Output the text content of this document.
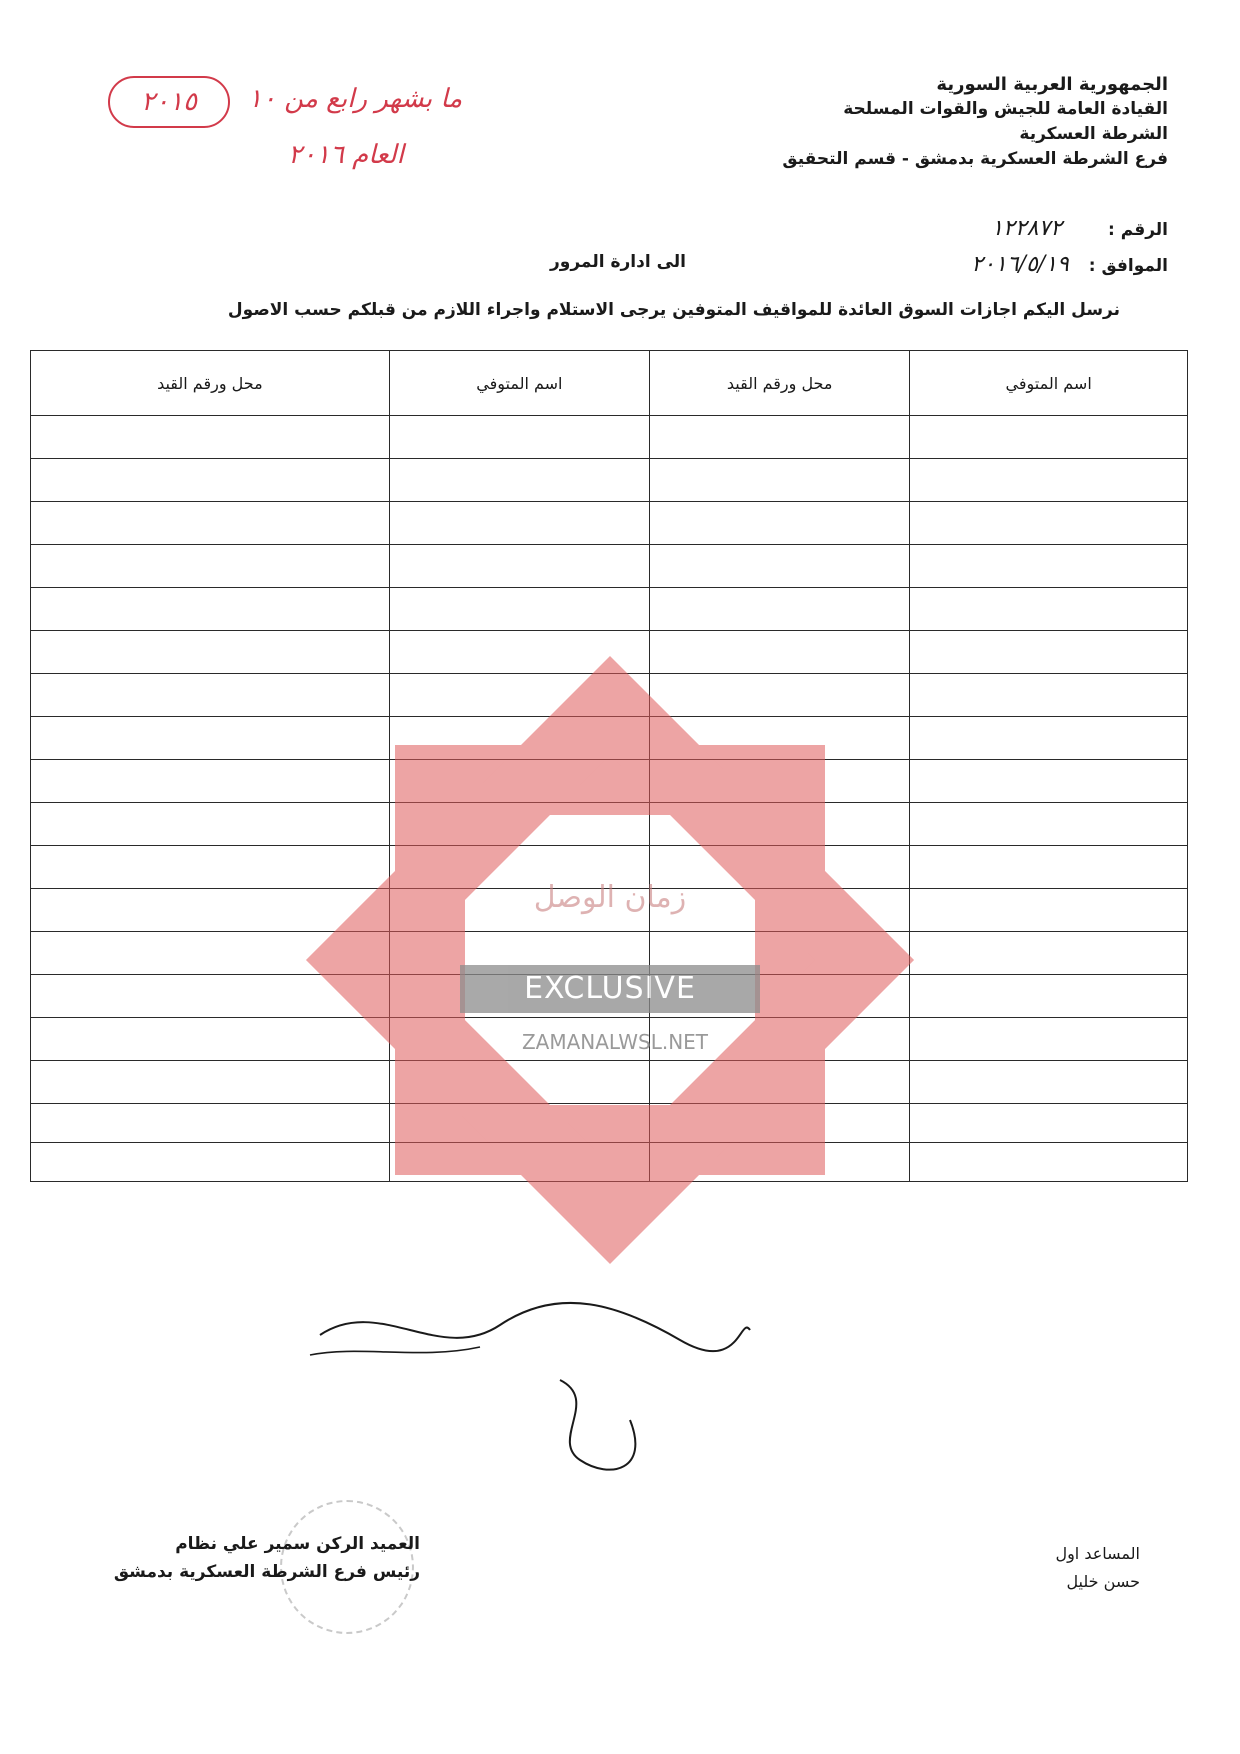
٢٠١٥	ما بشهر رابع من ١٠
العام ٢٠١٦
الجمهورية العربية السورية
القيادة العامة للجيش والقوات المسلحة
الشرطة العسكرية
فرع الشرطة العسكرية بدمشق - قسم التحقيق
الرقم : ١٢٢٨٧٢
الموافق : ٢٠١٦/٥/١٩
الى ادارة المرور
نرسل اليكم اجازات السوق العائدة للمواقيف المتوفين يرجى الاستلام واجراء اللازم من قبلكم حسب الاصول
اسم المتوفي	محل ورقم القيد	اسم المتوفي	محل ورقم القيد

زمان الوصل
EXCLUSIVE
ZAMANALWSL.NET
العميد الركن سمير علي نظام
رئيس فرع الشرطة العسكرية بدمشق
المساعد اول
حسن خليل
